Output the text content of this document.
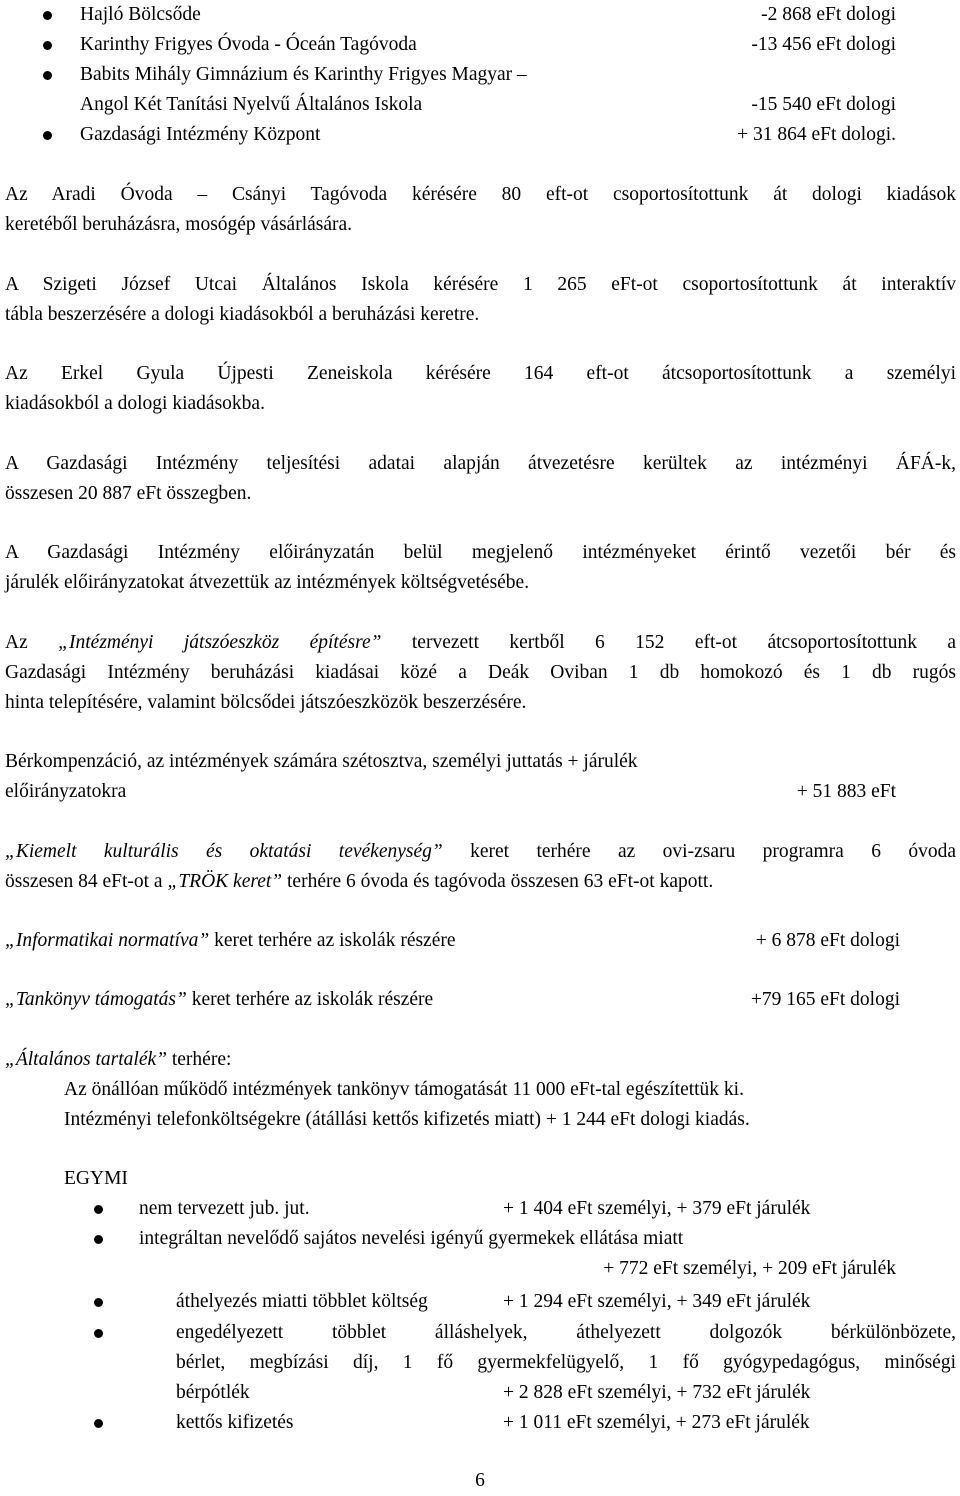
Hajló Bölcsőde	-2 868 eFt dologi
Karinthy Frigyes Óvoda - Óceán Tagóvoda	-13 456 eFt dologi
Babits Mihály Gimnázium és Karinthy Frigyes Magyar –
Angol Két Tanítási Nyelvű Általános Iskola	-15 540 eFt dologi
Gazdasági Intézmény Központ	+ 31 864 eFt dologi.
Az Aradi Óvoda – Csányi Tagóvoda kérésére 80 eft-ot csoportosítottunk át dologi kiadások
keretéből beruházásra, mosógép vásárlására.
A Szigeti József Utcai Általános Iskola kérésére 1 265 eFt-ot csoportosítottunk át interaktív
tábla beszerzésére a dologi kiadásokból a beruházási keretre.
Az Erkel Gyula Újpesti Zeneiskola kérésére 164 eft-ot átcsoportosítottunk a személyi
kiadásokból a dologi kiadásokba.
A Gazdasági Intézmény teljesítési adatai alapján átvezetésre kerültek az intézményi ÁFÁ-k,
összesen 20 887 eFt összegben.
A Gazdasági Intézmény előirányzatán belül megjelenő intézményeket érintő vezetői bér és
járulék előirányzatokat átvezettük az intézmények költségvetésébe.
Az „Intézményi játszóeszköz építésre” tervezett kertből 6 152 eft-ot átcsoportosítottunk a
Gazdasági Intézmény beruházási kiadásai közé a Deák Oviban 1 db homokozó és 1 db rugós
hinta telepítésére, valamint bölcsődei játszóeszközök beszerzésére.
Bérkompenzáció, az intézmények számára szétosztva, személyi juttatás + járulék
előirányzatokra	+ 51 883 eFt
„Kiemelt kulturális és oktatási tevékenység” keret terhére az ovi-zsaru programra 6 óvoda
összesen 84 eFt-ot a „TRÖK keret” terhére 6 óvoda és tagóvoda összesen 63 eFt-ot kapott.
„Informatikai normatíva” keret terhére az iskolák részére	+ 6 878 eFt dologi
„Tankönyv támogatás” keret terhére az iskolák részére	+79 165 eFt dologi
„Általános tartalék” terhére:
Az önállóan működő intézmények tankönyv támogatását 11 000 eFt-tal egészítettük ki.
Intézményi telefonköltségekre (átállási kettős kifizetés miatt) + 1 244 eFt dologi kiadás.
EGYMI
nem tervezett jub. jut.	+ 1 404 eFt személyi, + 379 eFt járulék
integráltan nevelődő sajátos nevelési igényű gyermekek ellátása miatt
+ 772 eFt személyi, + 209 eFt járulék
áthelyezés miatti többlet költség	+ 1 294 eFt személyi, + 349 eFt járulék
engedélyezett többlet álláshelyek, áthelyezett dolgozók bérkülönbözete,
bérlet, megbízási díj, 1 fő gyermekfelügyelő, 1 fő gyógypedagógus, minőségi
bérpótlék	+ 2 828 eFt személyi, + 732 eFt járulék
kettős kifizetés	+ 1 011 eFt személyi, + 273 eFt járulék
6
